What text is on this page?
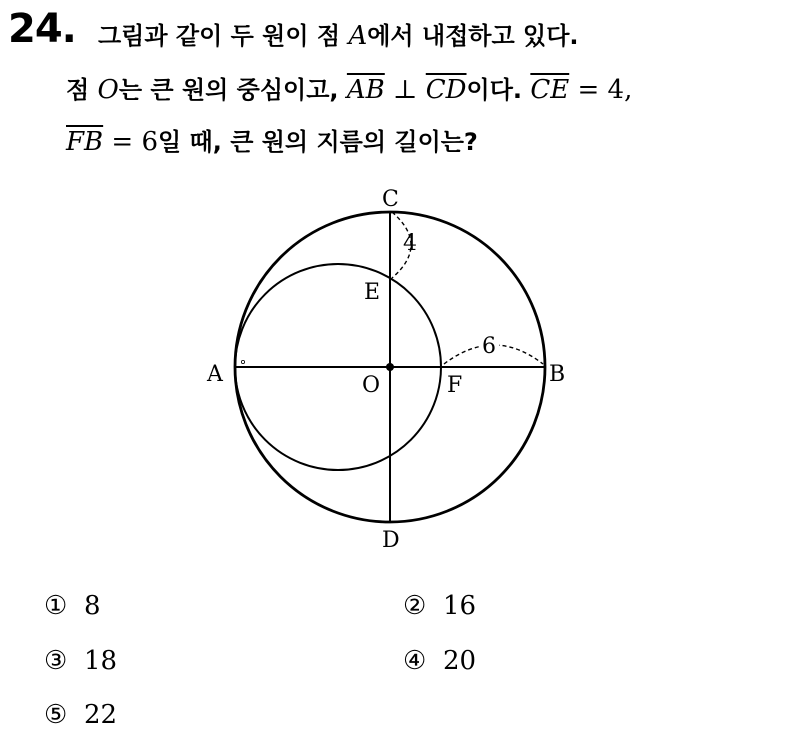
24. 그림과 같이 두 원이 점 A에서 내접하고 있다.
점 O는 큰 원의 중심이고, $\overline{AB}$ ⊥ $\overline{CD}$이다. $\overline{CE} = 4$,
$\overline{FB} = 6$일 때, 큰 원의 지름의 길이는?
C
E
A	O	F	B
D
4
6
① 8	② 16
③ 18	④ 20
⑤ 22
